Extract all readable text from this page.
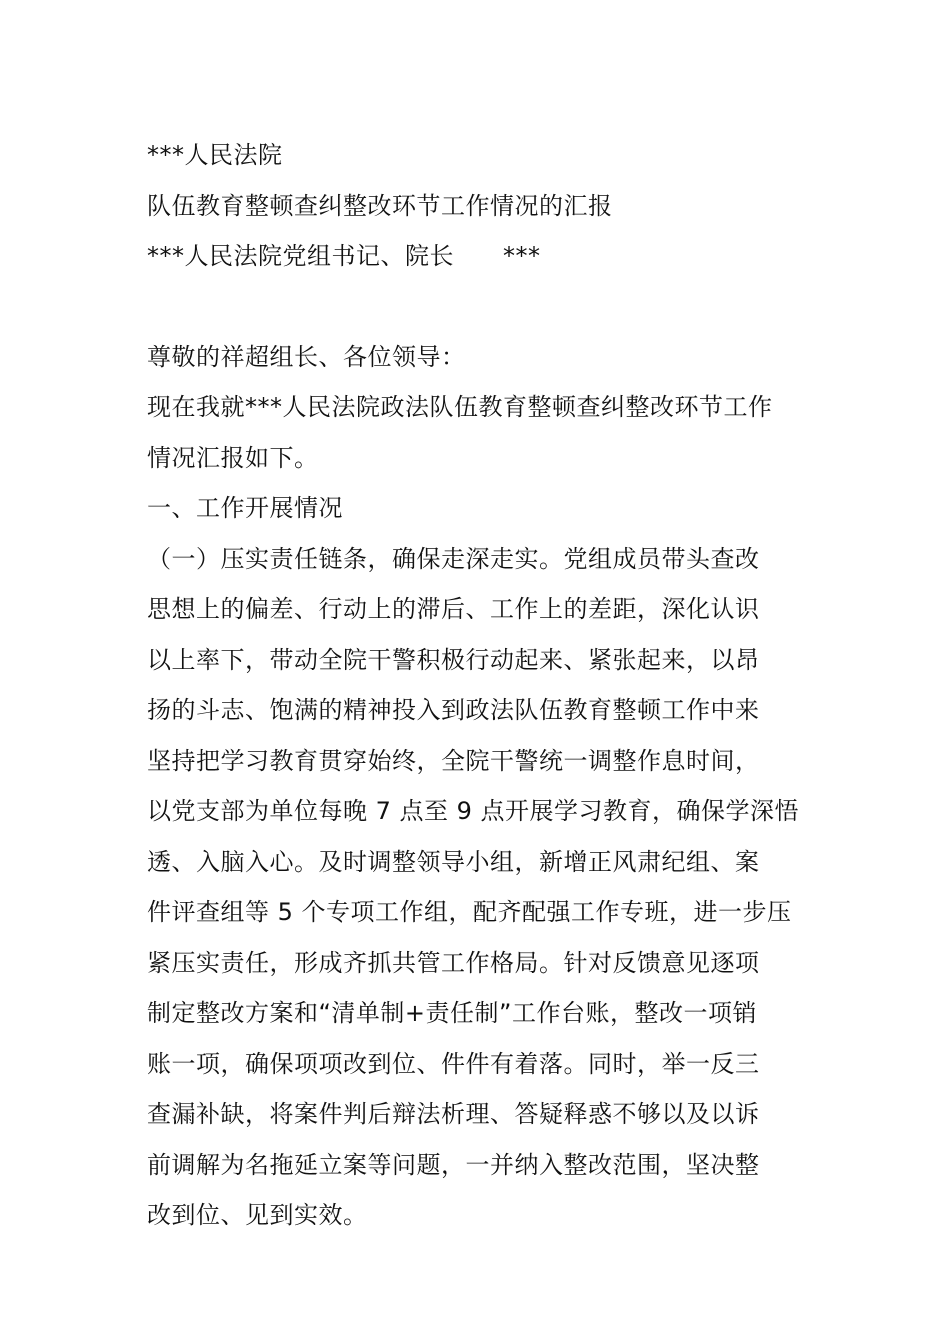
***人民法院
队伍教育整顿查纠整改环节工作情况的汇报
***人民法院党组书记、院长　　***
尊敬的祥超组长、各位领导：
现在我就***人民法院政法队伍教育整顿查纠整改环节工作
情况汇报如下。
一、工作开展情况
（一）压实责任链条，确保走深走实。党组成员带头查改
思想上的偏差、行动上的滞后、工作上的差距，深化认识
以上率下，带动全院干警积极行动起来、紧张起来，以昂
扬的斗志、饱满的精神投入到政法队伍教育整顿工作中来
坚持把学习教育贯穿始终，全院干警统一调整作息时间，
以党支部为单位每晚 7 点至 9 点开展学习教育，确保学深悟
透、入脑入心。及时调整领导小组，新增正风肃纪组、案
件评查组等 5 个专项工作组，配齐配强工作专班，进一步压
紧压实责任，形成齐抓共管工作格局。针对反馈意见逐项
制定整改方案和“清单制+责任制”工作台账，整改一项销
账一项，确保项项改到位、件件有着落。同时，举一反三
查漏补缺，将案件判后辩法析理、答疑释惑不够以及以诉
前调解为名拖延立案等问题，一并纳入整改范围，坚决整
改到位、见到实效。
